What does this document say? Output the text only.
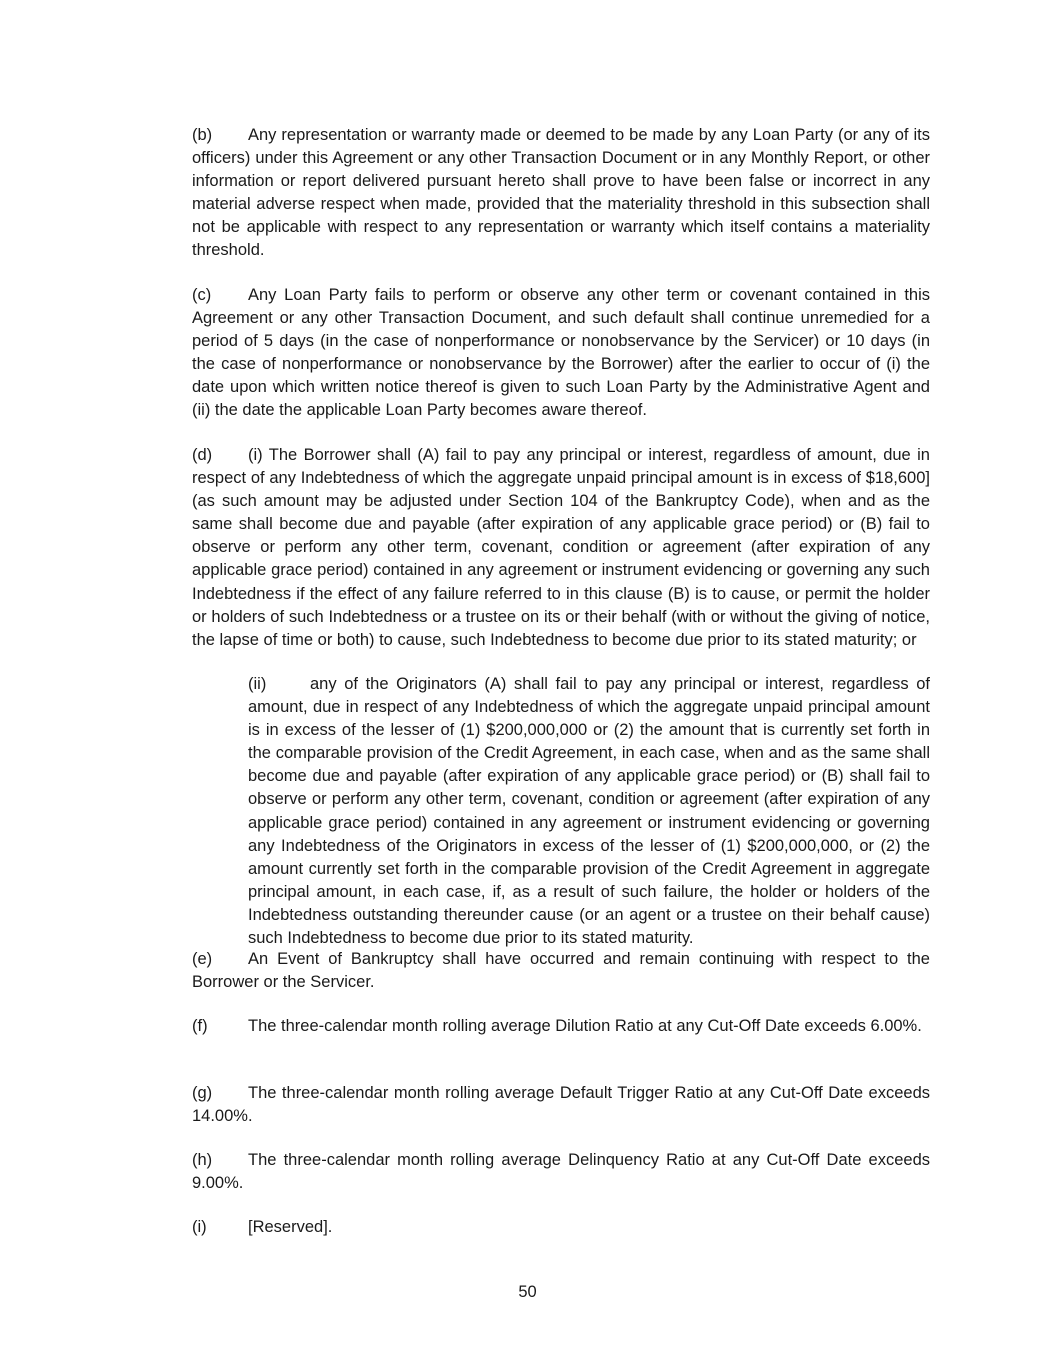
(b) Any representation or warranty made or deemed to be made by any Loan Party (or any of its officers) under this Agreement or any other Transaction Document or in any Monthly Report, or other information or report delivered pursuant hereto shall prove to have been false or incorrect in any material adverse respect when made, provided that the materiality threshold in this subsection shall not be applicable with respect to any representation or warranty which itself contains a materiality threshold.

(c) Any Loan Party fails to perform or observe any other term or covenant contained in this Agreement or any other Transaction Document, and such default shall continue unremedied for a period of 5 days (in the case of nonperformance or nonobservance by the Servicer) or 10 days (in the case of nonperformance or nonobservance by the Borrower) after the earlier to occur of (i) the date upon which written notice thereof is given to such Loan Party by the Administrative Agent and (ii) the date the applicable Loan Party becomes aware thereof.

(d) (i) The Borrower shall (A) fail to pay any principal or interest, regardless of amount, due in respect of any Indebtedness of which the aggregate unpaid principal amount is in excess of $18,600] (as such amount may be adjusted under Section 104 of the Bankruptcy Code), when and as the same shall become due and payable (after expiration of any applicable grace period) or (B) fail to observe or perform any other term, covenant, condition or agreement (after expiration of any applicable grace period) contained in any agreement or instrument evidencing or governing any such Indebtedness if the effect of any failure referred to in this clause (B) is to cause, or permit the holder or holders of such Indebtedness or a trustee on its or their behalf (with or without the giving of notice, the lapse of time or both) to cause, such Indebtedness to become due prior to its stated maturity; or

(ii)	any of the Originators (A) shall fail to pay any principal or interest, regardless of amount, due in respect of any Indebtedness of which the aggregate unpaid principal amount is in excess of the lesser of (1) $200,000,000 or (2) the amount that is currently set forth in the comparable provision of the Credit Agreement, in each case, when and as the same shall become due and payable (after expiration of any applicable grace period) or (B) shall fail to observe or perform any other term, covenant, condition or agreement (after expiration of any applicable grace period) contained in any agreement or instrument evidencing or governing any Indebtedness of the Originators in excess of the lesser of (1) $200,000,000, or (2) the amount currently set forth in the comparable provision of the Credit Agreement in aggregate principal amount, in each case, if, as a result of such failure, the holder or holders of the Indebtedness outstanding thereunder cause (or an agent or a trustee on their behalf cause) such Indebtedness to become due prior to its stated maturity.

(e) An Event of Bankruptcy shall have occurred and remain continuing with respect to the Borrower or the Servicer.

(f) The three-calendar month rolling average Dilution Ratio at any Cut-Off Date exceeds 6.00%.

(g) The three-calendar month rolling average Default Trigger Ratio at any Cut-Off Date exceeds 14.00%.

(h) The three-calendar month rolling average Delinquency Ratio at any Cut-Off Date exceeds 9.00%.

(i)	[Reserved].
50
